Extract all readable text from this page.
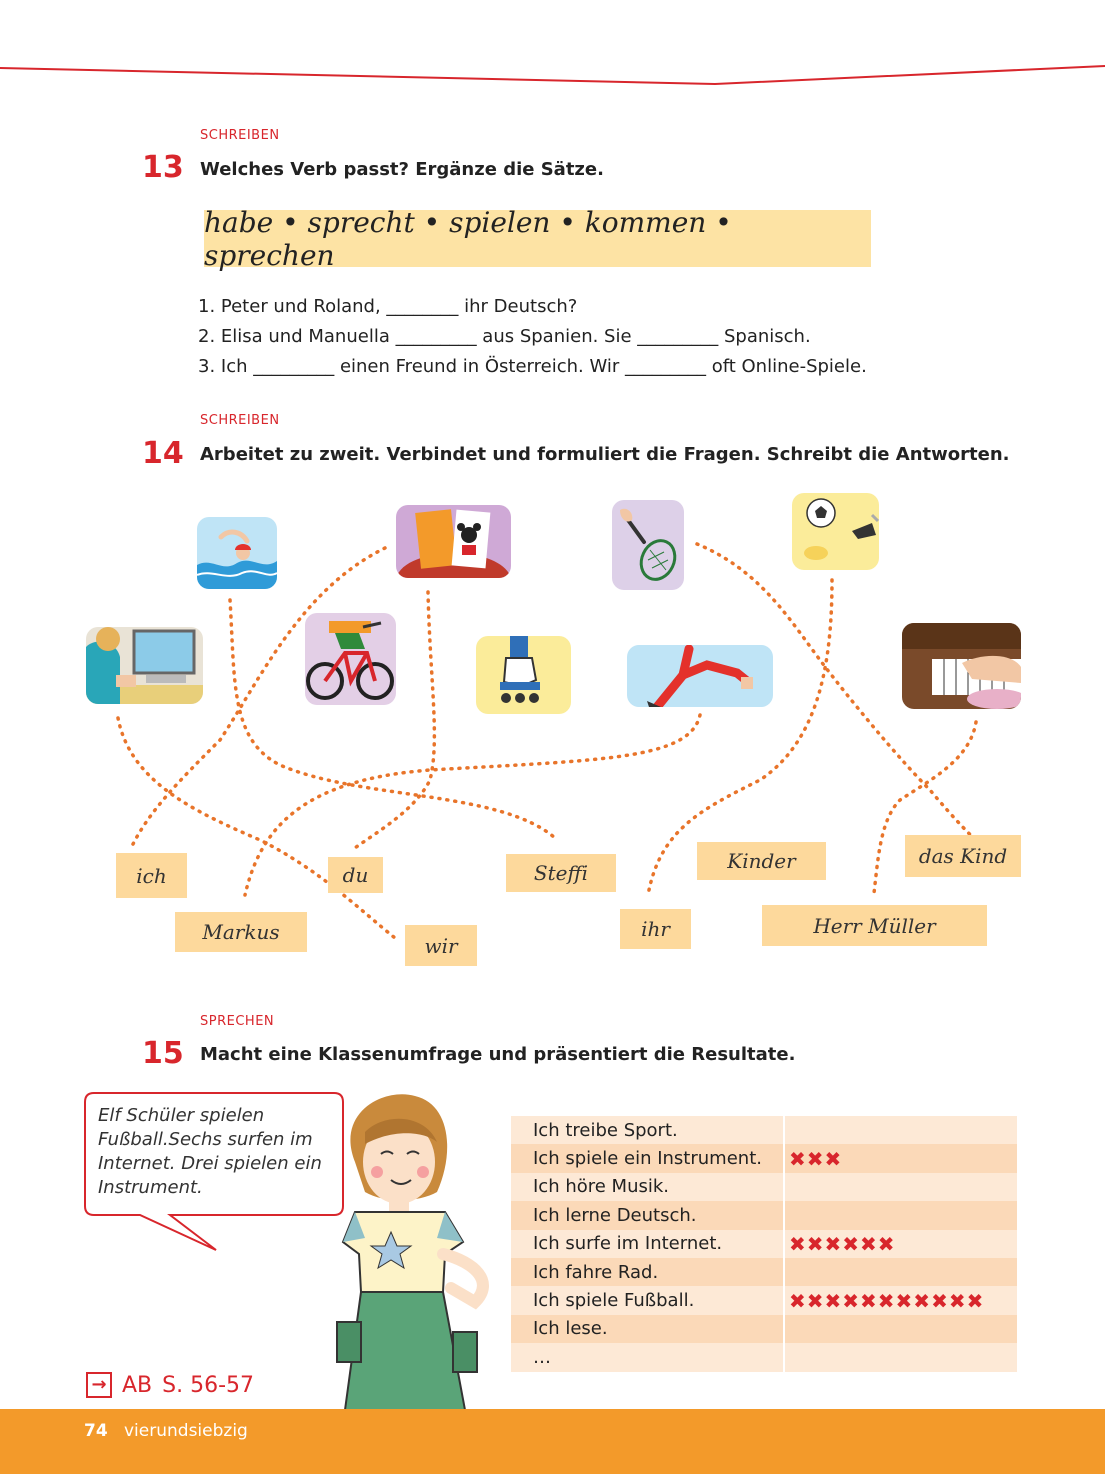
SCHREIBEN
13 Welches Verb passt? Ergänze die Sätze.
habe • sprecht • spielen • kommen • sprechen
1. Peter und Roland, ________ ihr Deutsch?
2. Elisa und Manuella _________ aus Spanien. Sie _________ Spanisch.
3. Ich _________ einen Freund in Österreich. Wir _________ oft Online-Spiele.
SCHREIBEN
14 Arbeitet zu zweit. Verbindet und formuliert die Fragen. Schreibt die Antworten.
ich	du	Steffi	Kinder	das Kind
Markus
wir
ihr	Herr Müller
SPRECHEN
15 Macht eine Klassenumfrage und präsentiert die Resultate.
Elf Schüler spielen Fußball.Sechs surfen im Internet. Drei spielen ein Instrument.
Ich treibe Sport.	
Ich spiele ein Instrument.	✖✖✖
Ich höre Musik.	
Ich lerne Deutsch.	
Ich surfe im Internet.	✖✖✖✖✖✖
Ich fahre Rad.	
Ich spiele Fußball.	✖✖✖✖✖✖✖✖✖✖✖
Ich lese.	
…	
→ AB S. 56-57
74 vierundsiebzig
